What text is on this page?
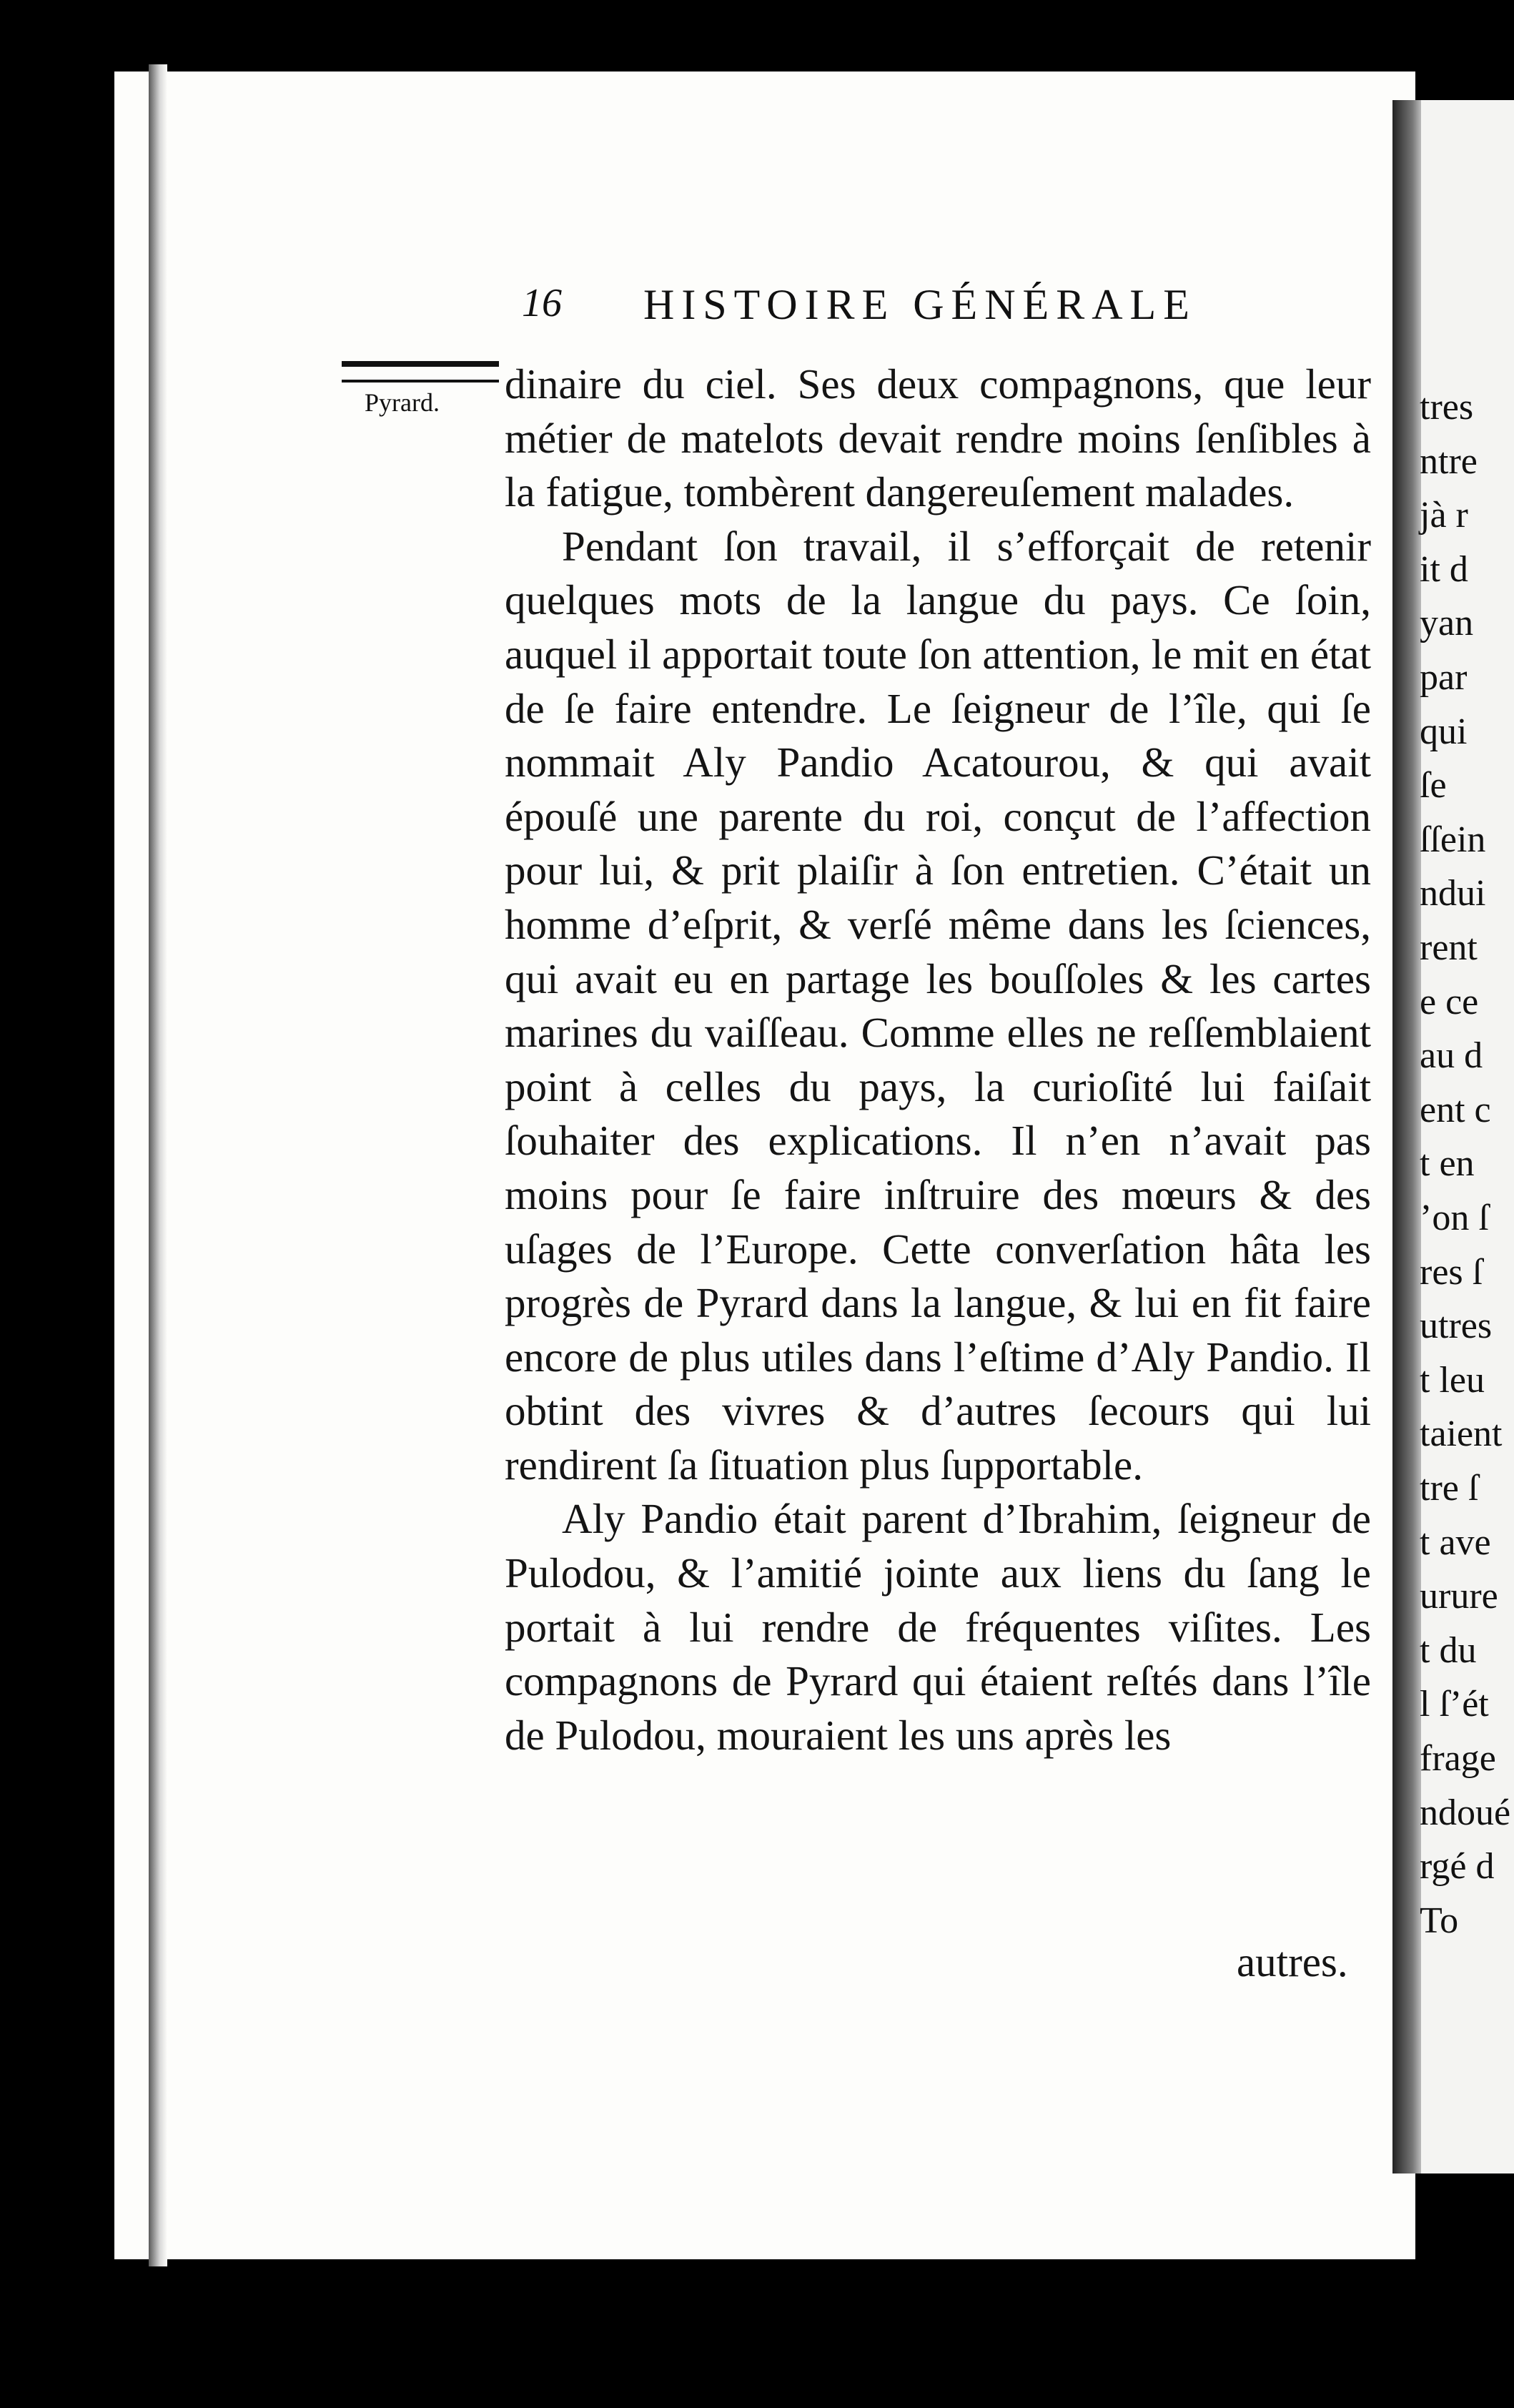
tres
ntre
jà r
it d
yan
par
qui
ſe
ſſein
ndui
rent
e ce
au d
ent c
t en
’on ſ
res ſ
utres
t leu
taient
tre ſ
t ave
urure
t du
l ſ’ét
frage
ndoué
rgé d
To
16 HISTOIRE GÉNÉRALE
Pyrard. dinaire du ciel. Ses deux compagnons, que leur métier de matelots devait rendre moins ſenſibles à la fatigue, tombèrent dangereuſement malades.

Pendant ſon travail, il s’efforçait de retenir quelques mots de la langue du pays. Ce ſoin, auquel il apportait toute ſon attention, le mit en état de ſe faire entendre. Le ſeigneur de l’île, qui ſe nommait Aly Pandio Acatourou, & qui avait épouſé une parente du roi, conçut de l’affection pour lui, & prit plaiſir à ſon entretien. C’était un homme d’eſprit, & verſé même dans les ſciences, qui avait eu en partage les bouſſoles & les cartes marines du vaiſſeau. Comme elles ne reſſemblaient point à celles du pays, la curioſité lui faiſait ſouhaiter des explications. Il n’en n’avait pas moins pour ſe faire inſtruire des mœurs & des uſages de l’Europe. Cette converſation hâta les progrès de Pyrard dans la langue, & lui en fit faire encore de plus utiles dans l’eſtime d’Aly Pandio. Il obtint des vivres & d’autres ſecours qui lui rendirent ſa ſituation plus ſupportable.

Aly Pandio était parent d’Ibrahim, ſeigneur de Pulodou, & l’amitié jointe aux liens du ſang le portait à lui rendre de fréquentes viſites. Les compagnons de Pyrard qui étaient reſtés dans l’île de Pulodou, mouraient les uns après les

autres.
